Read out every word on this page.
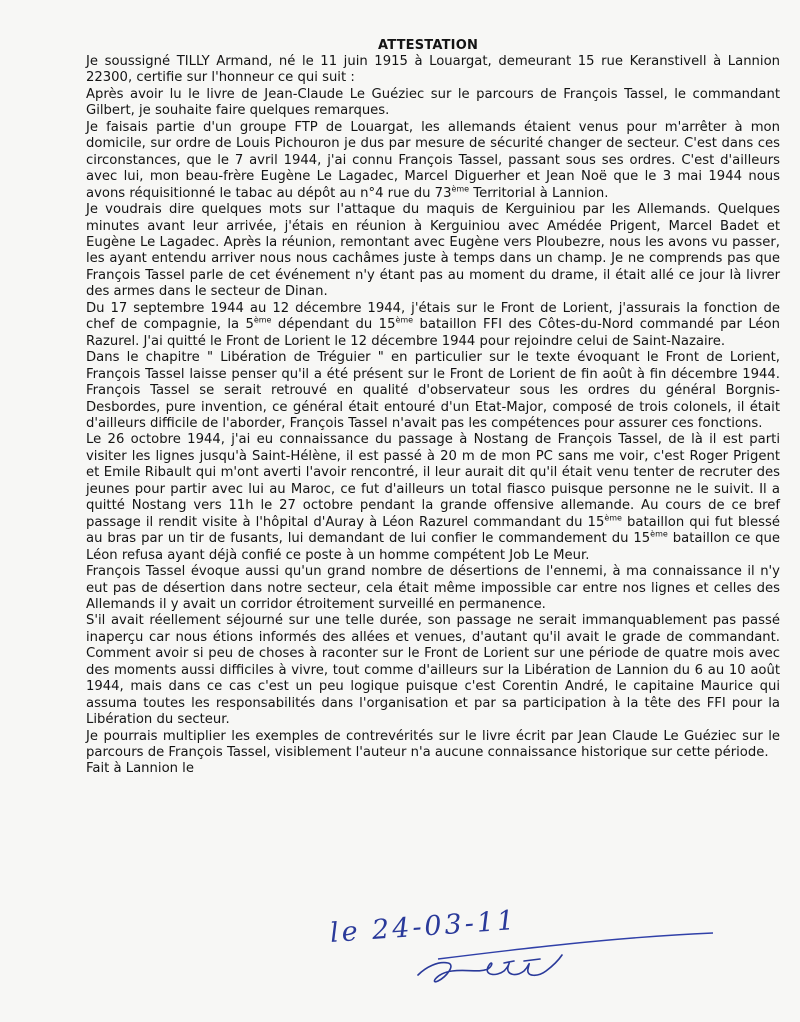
ATTESTATION

Je soussigné TILLY Armand, né le 11 juin 1915 à Louargat, demeurant 15 rue Keranstivell à Lannion 22300, certifie sur l'honneur ce qui suit :

Après avoir lu le livre de Jean-Claude Le Guéziec sur le parcours de François Tassel, le commandant Gilbert, je souhaite faire quelques remarques.

Je faisais partie d'un groupe FTP de Louargat, les allemands étaient venus pour m'arrêter à mon domicile, sur ordre de Louis Pichouron je dus par mesure de sécurité changer de secteur. C'est dans ces circonstances, que le 7 avril 1944, j'ai connu François Tassel, passant sous ses ordres. C'est d'ailleurs avec lui, mon beau-frère Eugène Le Lagadec, Marcel Diguerher et Jean Noë que le 3 mai 1944 nous avons réquisitionné le tabac au dépôt au n°4 rue du 73ème Territorial à Lannion.

Je voudrais dire quelques mots sur l'attaque du maquis de Kerguiniou par les Allemands. Quelques minutes avant leur arrivée, j'étais en réunion à Kerguiniou avec Amédée Prigent, Marcel Badet et Eugène Le Lagadec. Après la réunion, remontant avec Eugène vers Ploubezre, nous les avons vu passer, les ayant entendu arriver nous nous cachâmes juste à temps dans un champ. Je ne comprends pas que François Tassel parle de cet événement n'y étant pas au moment du drame, il était allé ce jour là livrer des armes dans le secteur de Dinan.

Du 17 septembre 1944 au 12 décembre 1944, j'étais sur le Front de Lorient, j'assurais la fonction de chef de compagnie, la 5ème dépendant du 15ème bataillon FFI des Côtes-du-Nord commandé par Léon Razurel. J'ai quitté le Front de Lorient le 12 décembre 1944 pour rejoindre celui de Saint-Nazaire.

Dans le chapitre " Libération de Tréguier " en particulier sur le texte évoquant le Front de Lorient, François Tassel laisse penser qu'il a été présent sur le Front de Lorient de fin août à fin décembre 1944. François Tassel se serait retrouvé en qualité d'observateur sous les ordres du général Borgnis-Desbordes, pure invention, ce général était entouré d'un Etat-Major, composé de trois colonels, il était d'ailleurs difficile de l'aborder, François Tassel n'avait pas les compétences pour assurer ces fonctions.

Le 26 octobre 1944, j'ai eu connaissance du passage à Nostang de François Tassel, de là il est parti visiter les lignes jusqu'à Saint-Hélène, il est passé à 20 m de mon PC sans me voir, c'est Roger Prigent et Emile Ribault qui m'ont averti l'avoir rencontré, il leur aurait dit qu'il était venu tenter de recruter des jeunes pour partir avec lui au Maroc, ce fut d'ailleurs un total fiasco puisque personne ne le suivit. Il a quitté Nostang vers 11h le 27 octobre pendant la grande offensive allemande. Au cours de ce bref passage il rendit visite à l'hôpital d'Auray à Léon Razurel commandant du 15ème bataillon qui fut blessé au bras par un tir de fusants, lui demandant de lui confier le commandement du 15ème bataillon ce que Léon refusa ayant déjà confié ce poste à un homme compétent Job Le Meur.

François Tassel évoque aussi qu'un grand nombre de désertions de l'ennemi, à ma connaissance il n'y eut pas de désertion dans notre secteur, cela était même impossible car entre nos lignes et celles des Allemands il y avait un corridor étroitement surveillé en permanence.

S'il avait réellement séjourné sur une telle durée, son passage ne serait immanquablement pas passé inaperçu car nous étions informés des allées et venues, d'autant qu'il avait le grade de commandant. Comment avoir si peu de choses à raconter sur le Front de Lorient sur une période de quatre mois avec des moments aussi difficiles à vivre, tout comme d'ailleurs sur la Libération de Lannion du 6 au 10 août 1944, mais dans ce cas c'est un peu logique puisque c'est Corentin André, le capitaine Maurice qui assuma toutes les responsabilités dans l'organisation et par sa participation à la tête des FFI pour la Libération du secteur.

Je pourrais multiplier les exemples de contrevérités sur le livre écrit par Jean Claude Le Guéziec sur le parcours de François Tassel, visiblement l'auteur n'a aucune connaissance historique sur cette période.

Fait à Lannion le

le 24-03-11
